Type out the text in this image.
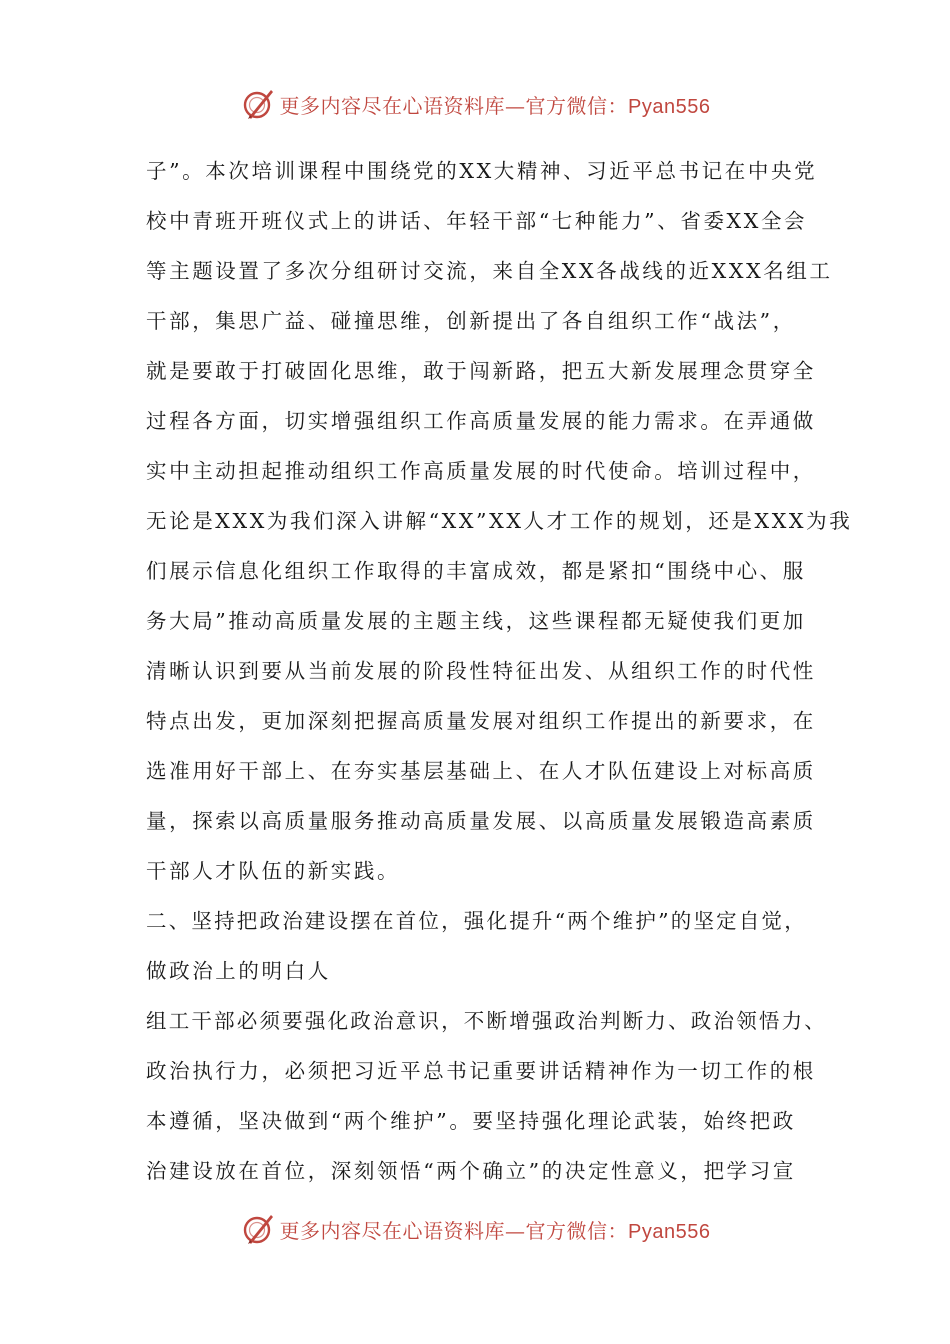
更多内容尽在心语资料库—官方微信：Pyan556
子”。本次培训课程中围绕党的XX大精神、习近平总书记在中央党
校中青班开班仪式上的讲话、年轻干部“七种能力”、省委XX全会
等主题设置了多次分组研讨交流，来自全XX各战线的近XXX名组工
干部，集思广益、碰撞思维，创新提出了各自组织工作“战法”，
就是要敢于打破固化思维，敢于闯新路，把五大新发展理念贯穿全
过程各方面，切实增强组织工作高质量发展的能力需求。在弄通做
实中主动担起推动组织工作高质量发展的时代使命。培训过程中，
无论是XXX为我们深入讲解“XX”XX人才工作的规划，还是XXX为我
们展示信息化组织工作取得的丰富成效，都是紧扣“围绕中心、服
务大局”推动高质量发展的主题主线，这些课程都无疑使我们更加
清晰认识到要从当前发展的阶段性特征出发、从组织工作的时代性
特点出发，更加深刻把握高质量发展对组织工作提出的新要求，在
选准用好干部上、在夯实基层基础上、在人才队伍建设上对标高质
量，探索以高质量服务推动高质量发展、以高质量发展锻造高素质
干部人才队伍的新实践。
二、坚持把政治建设摆在首位，强化提升“两个维护”的坚定自觉，
做政治上的明白人
组工干部必须要强化政治意识，不断增强政治判断力、政治领悟力、
政治执行力，必须把习近平总书记重要讲话精神作为一切工作的根
本遵循，坚决做到“两个维护”。要坚持强化理论武装，始终把政
治建设放在首位，深刻领悟“两个确立”的决定性意义，把学习宣
更多内容尽在心语资料库—官方微信：Pyan556
